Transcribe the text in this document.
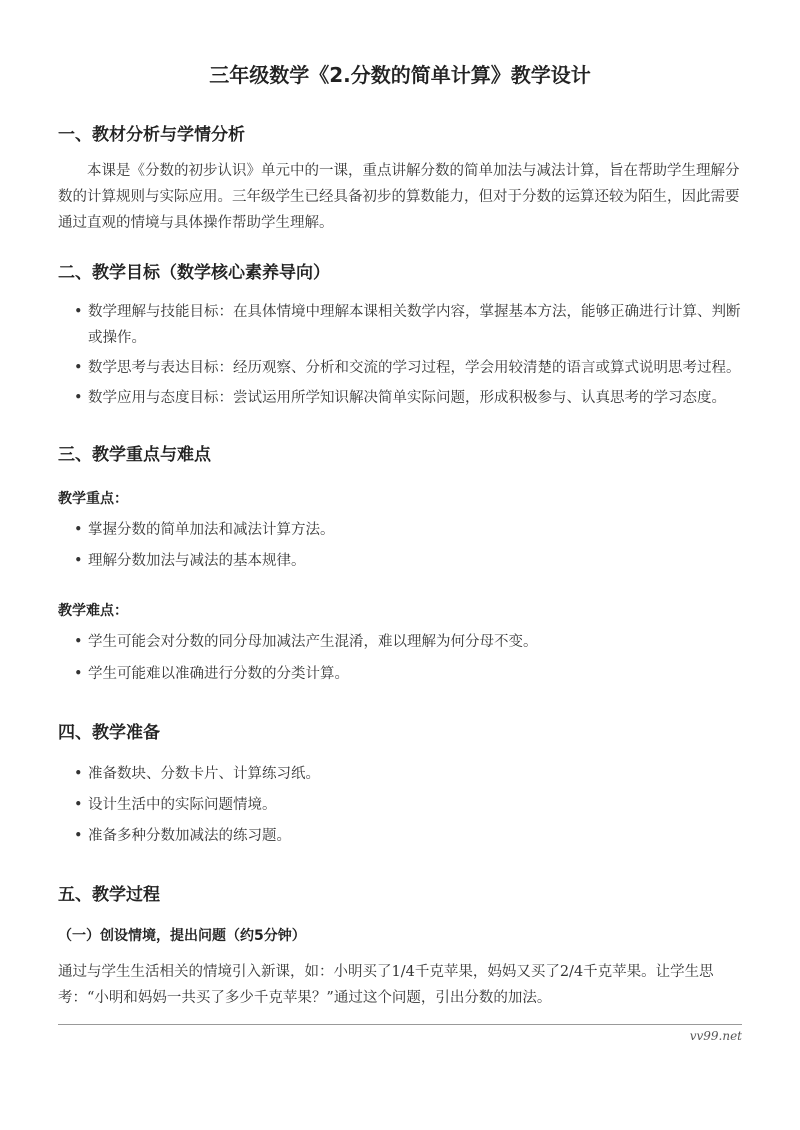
三年级数学《2.分数的简单计算》教学设计
一、教材分析与学情分析
本课是《分数的初步认识》单元中的一课，重点讲解分数的简单加法与减法计算，旨在帮助学生理解分数的计算规则与实际应用。三年级学生已经具备初步的算数能力，但对于分数的运算还较为陌生，因此需要通过直观的情境与具体操作帮助学生理解。
二、教学目标（数学核心素养导向）
• 数学理解与技能目标：在具体情境中理解本课相关数学内容，掌握基本方法，能够正确进行计算、判断或操作。
• 数学思考与表达目标：经历观察、分析和交流的学习过程，学会用较清楚的语言或算式说明思考过程。
• 数学应用与态度目标：尝试运用所学知识解决简单实际问题，形成积极参与、认真思考的学习态度。
三、教学重点与难点
教学重点：
• 掌握分数的简单加法和减法计算方法。
• 理解分数加法与减法的基本规律。
教学难点：
• 学生可能会对分数的同分母加减法产生混淆，难以理解为何分母不变。
• 学生可能难以准确进行分数的分类计算。
四、教学准备
• 准备数块、分数卡片、计算练习纸。
• 设计生活中的实际问题情境。
• 准备多种分数加减法的练习题。
五、教学过程
（一）创设情境，提出问题（约5分钟）
通过与学生生活相关的情境引入新课，如：小明买了1/4千克苹果，妈妈又买了2/4千克苹果。让学生思考：“小明和妈妈一共买了多少千克苹果？”通过这个问题，引出分数的加法。
vv99.net
